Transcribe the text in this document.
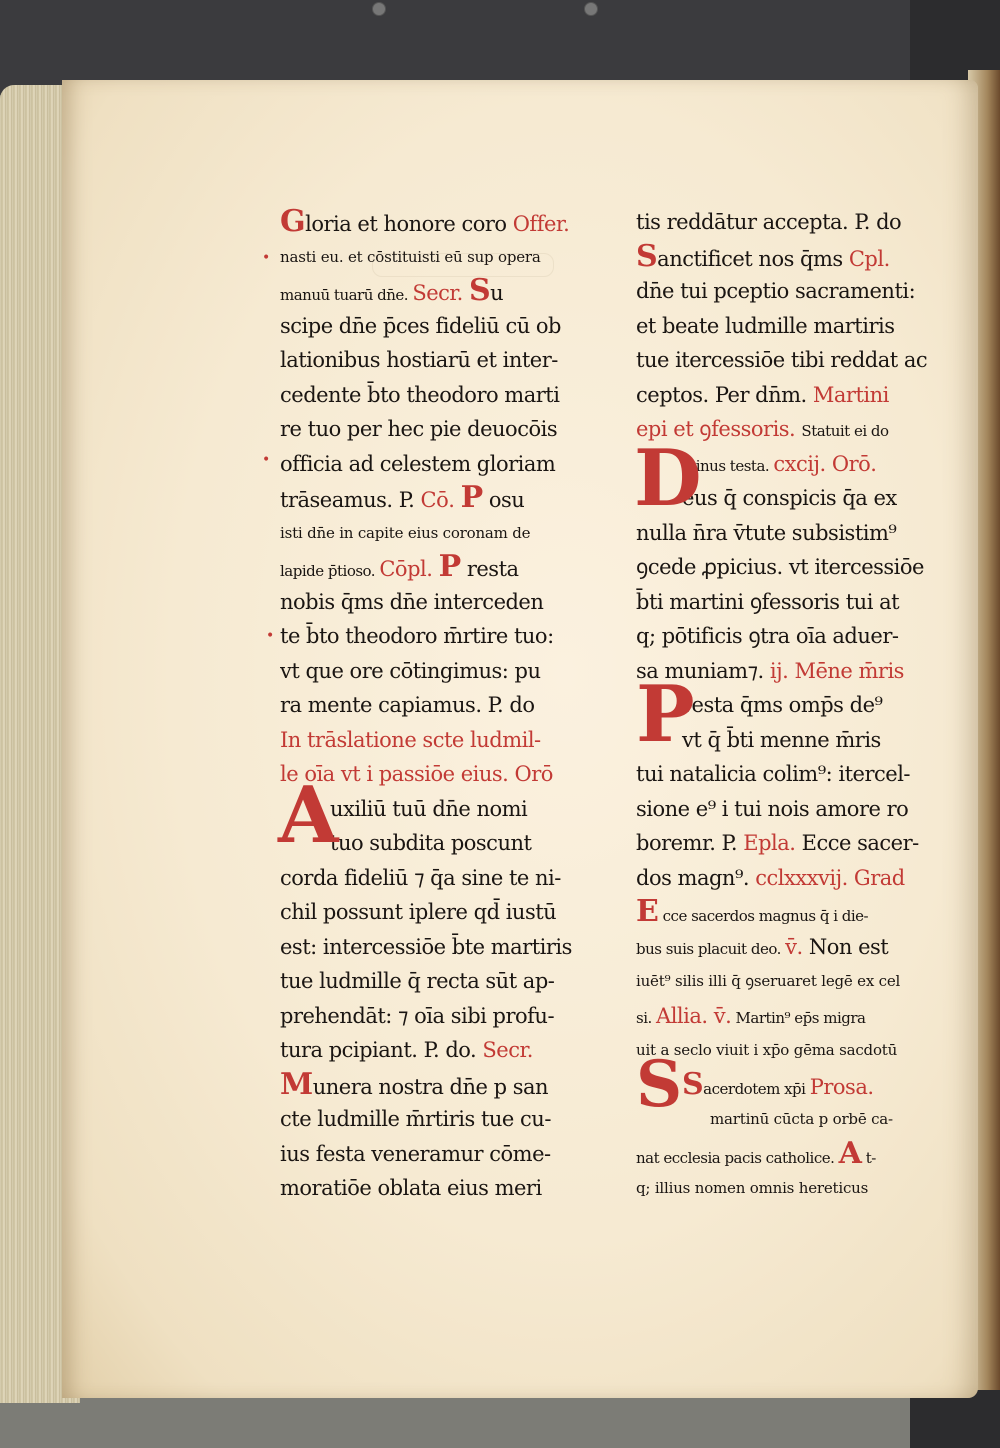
Gloria et honore coro Offer.
nasti eu. et cōstituisti eū sup opera
manuū tuarū dn̄e. Secr. Su
scipe dn̄e p̄ces fideliū cū ob
lationibus hostiarū et inter-
cedente b̄to theodoro marti
re tuo per hec pie deuocōis
officia ad celestem gloriam
trāseamus. P. Cō. P osu
isti dn̄e in capite eius coronam de
lapide p̄tioso. Cōpl. P resta
nobis q̄ms dn̄e interceden
te b̄to theodoro m̄rtire tuo:
vt que ore cōtingimus: pu
ra mente capiamus. P. do
In trāslatione scte ludmil-
le oīa vt i passiōe eius. Orō
uxiliū tuū dn̄e nomi
tuo subdita poscunt
corda fideliū ⁊ q̄a sine te ni-
chil possunt iplere qd̄ iustū
est: intercessiōe b̄te martiris
tue ludmille q̄ recta sūt ap-
prehendāt: ⁊ oīa sibi profu-
tura pcipiant. P. do. Secr.
Munera nostra dn̄e p san
cte ludmille m̄rtiris tue cu-
ius festa veneramur cōme-
moratiōe oblata eius meri
tis reddātur accepta. P. do
Sanctificet nos q̄ms Cpl.
dn̄e tui pceptio sacramenti:
et beate ludmille martiris
tue itercessiōe tibi reddat ac
ceptos. Per dn̄m. Martini
epi et ꝯfessoris. Statuit ei do
minus testa. cxcij. Orō.
eus q̄ conspicis q̄a ex
nulla n̄ra v̄tute subsistim⁹
ꝯcede ꝓpicius. vt itercessiōe
b̄ti martini ꝯfessoris tui at
q; pōtificis ꝯtra oīa aduer-
sa muniam⁊. ij. Mēne m̄ris
resta q̄ms omp̄s de⁹
vt q̄ b̄ti menne m̄ris
tui natalicia colim⁹: itercel-
sione e⁹ i tui nois amore ro
boremr. P. Epla. Ecce sacer-
dos magn⁹. cclxxxvij. Grad
E cce sacerdos magnus q̄ i die-
bus suis placuit deo. v̄. Non est
iuēt⁹ silis illi q̄ ꝯseruaret legē ex cel
si. Allia. v̄. Martin⁹ ep̄s migra
uit a seclo viuit i xp̄o gēma sacdotū
Sacerdotem xp̄i Prosa.
martinū cūcta p orbē ca-
nat ecclesia pacis catholice. A t-
q; illius nomen omnis hereticus
A
D
P
S
•
•
•
